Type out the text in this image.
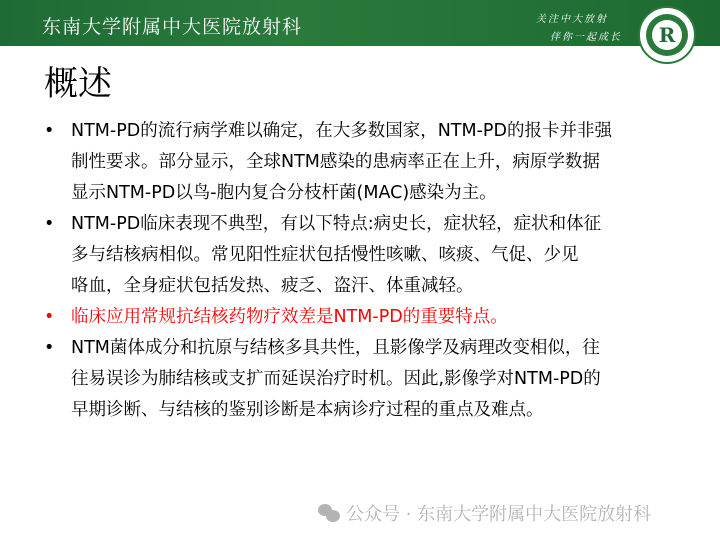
东南大学附属中大医院放射科	关注中大放射
伴你一起成长	R
概述
• NTM-PD的流行病学难以确定，在大多数国家，NTM-PD的报卡并非强
制性要求。部分显示，全球NTM感染的患病率正在上升，病原学数据
显示NTM-PD以鸟-胞内复合分枝杆菌(MAC)感染为主。
• NTM-PD临床表现不典型，有以下特点:病史长，症状轻，症状和体征
多与结核病相似。常见阳性症状包括慢性咳嗽、咳痰、气促、少见
咯血，全身症状包括发热、疲乏、盗汗、体重减轻。
• 临床应用常规抗结核药物疗效差是NTM-PD的重要特点。
• NTM菌体成分和抗原与结核多具共性，且影像学及病理改变相似，往
往易误诊为肺结核或支扩而延误治疗时机。因此,影像学对NTM-PD的
早期诊断、与结核的鉴别诊断是本病诊疗过程的重点及难点。
公众号 · 东南大学附属中大医院放射科
